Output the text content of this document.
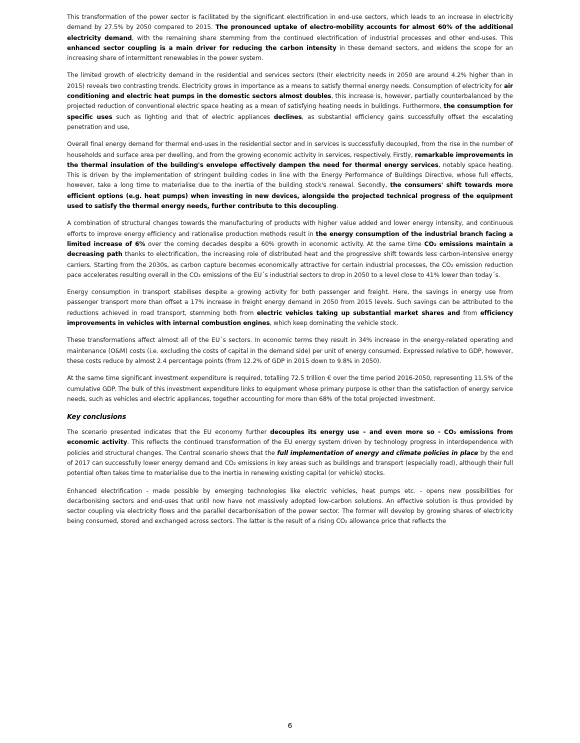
This transformation of the power sector is facilitated by the significant electrification in end-use sectors, which leads to an increase in electricity demand by 27.5% by 2050 compared to 2015. The pronounced uptake of electro-mobility accounts for almost 60% of the additional electricity demand, with the remaining share stemming from the continued electrification of industrial processes and other end-uses. This enhanced sector coupling is a main driver for reducing the carbon intensity in these demand sectors, and widens the scope for an increasing share of intermittent renewables in the power system.

The limited growth of electricity demand in the residential and services sectors (their electricity needs in 2050 are around 4.2% higher than in 2015) reveals two contrasting trends. Electricity grows in importance as a means to satisfy thermal energy needs. Consumption of electricity for air conditioning and electric heat pumps in the domestic sectors almost doubles, this increase is, however, partially counterbalanced by the projected reduction of conventional electric space heating as a mean of satisfying heating needs in buildings. Furthermore, the consumption for specific uses such as lighting and that of electric appliances declines, as substantial efficiency gains successfully offset the escalating penetration and use,

Overall final energy demand for thermal end-uses in the residential sector and in services is successfully decoupled, from the rise in the number of households and surface area per dwelling, and from the growing economic activity in services, respectively. Firstly, remarkable improvements in the thermal insulation of the building's envelope effectively dampen the need for thermal energy services, notably space heating. This is driven by the implementation of stringent building codes in line with the Energy Performance of Buildings Directive, whose full effects, however, take a long time to materialise due to the inertia of the building stock's renewal. Secondly, the consumers' shift towards more efficient options (e.g. heat pumps) when investing in new devices, alongside the projected technical progress of the equipment used to satisfy the thermal energy needs, further contribute to this decoupling.

A combination of structural changes towards the manufacturing of products with higher value added and lower energy intensity, and continuous efforts to improve energy efficiency and rationalise production methods result in the energy consumption of the industrial branch facing a limited increase of 6% over the coming decades despite a 60% growth in economic activity. At the same time CO₂ emissions maintain a decreasing path thanks to electrification, the increasing role of distributed heat and the progressive shift towards less carbon-intensive energy carriers. Starting from the 2030s, as carbon capture becomes economically attractive for certain industrial processes, the CO₂ emission reduction pace accelerates resulting overall in the CO₂ emissions of the EU´s industrial sectors to drop in 2050 to a level close to 41% lower than today´s.

Energy consumption in transport stabilises despite a growing activity for both passenger and freight. Here, the savings in energy use from passenger transport more than offset a 17% increase in freight energy demand in 2050 from 2015 levels. Such savings can be attributed to the reductions achieved in road transport, stemming both from electric vehicles taking up substantial market shares and from efficiency improvements in vehicles with internal combustion engines, which keep dominating the vehicle stock.

These transformations affect almost all of the EU´s sectors. In economic terms they result in 34% increase in the energy-related operating and maintenance (O&M) costs (i.e. excluding the costs of capital in the demand side) per unit of energy consumed. Expressed relative to GDP, however, these costs reduce by almost 2.4 percentage points (from 12.2% of GDP in 2015 down to 9.8% in 2050).

At the same time significant investment expenditure is required, totalling 72.5 trillion € over the time period 2016-2050, representing 11.5% of the cumulative GDP. The bulk of this investment expenditure links to equipment whose primary purpose is other than the satisfaction of energy service needs, such as vehicles and electric appliances, together accounting for more than 68% of the total projected investment.

Key conclusions

The scenario presented indicates that the EU economy further decouples its energy use – and even more so - CO₂ emissions from economic activity. This reflects the continued transformation of the EU energy system driven by technology progress in interdependence with policies and structural changes. The Central scenario shows that the full implementation of energy and climate policies in place by the end of 2017 can successfully lower energy demand and CO₂ emissions in key areas such as buildings and transport (especially road), although their full potential often takes time to materialise due to the inertia in renewing existing capital (or vehicle) stocks.

Enhanced electrification - made possible by emerging technologies like electric vehicles, heat pumps etc. - opens new possibilities for decarbonising sectors and end-uses that until now have not massively adopted low-carbon solutions. An effective solution is thus provided by sector coupling via electricity flows and the parallel decarbonisation of the power sector. The former will develop by growing shares of electricity being consumed, stored and exchanged across sectors. The latter is the result of a rising CO₂ allowance price that reflects the

6
